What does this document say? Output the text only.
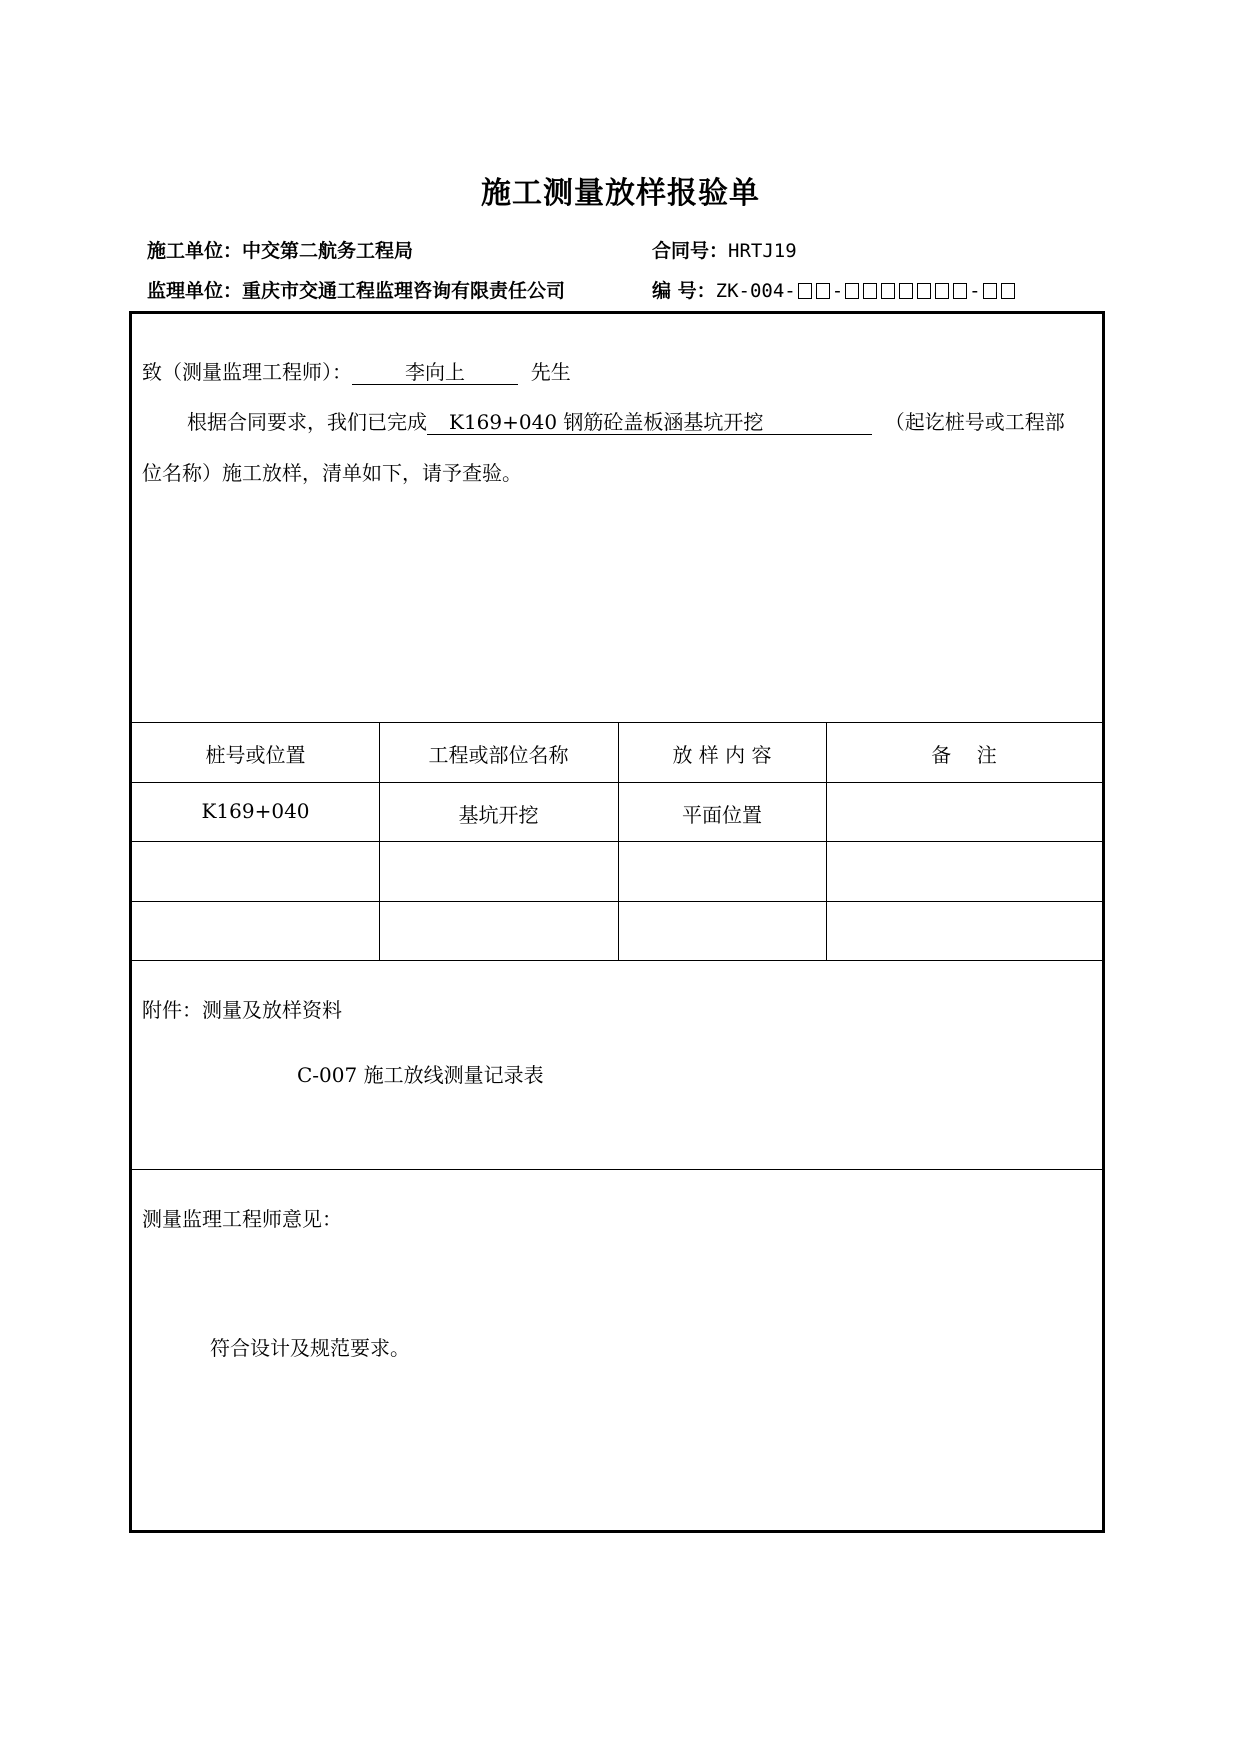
施工测量放样报验单
施工单位：中交第二航务工程局	合同号：HRTJ19
监理单位：重庆市交通工程监理咨询有限责任公司	编 号：ZK-004- -	-
致（测量监理工程师）：	李向上	先生
根据合同要求，我们已完成 K169+040 钢筋砼盖板涵基坑开挖	（起讫桩号或工程部
位名称）施工放样，清单如下，请予查验。
桩号或位置	工程或部位名称	放 样 内 容	备    注
K169+040	基坑开挖	平面位置
附件：测量及放样资料
C-007 施工放线测量记录表
测量监理工程师意见：
符合设计及规范要求。
